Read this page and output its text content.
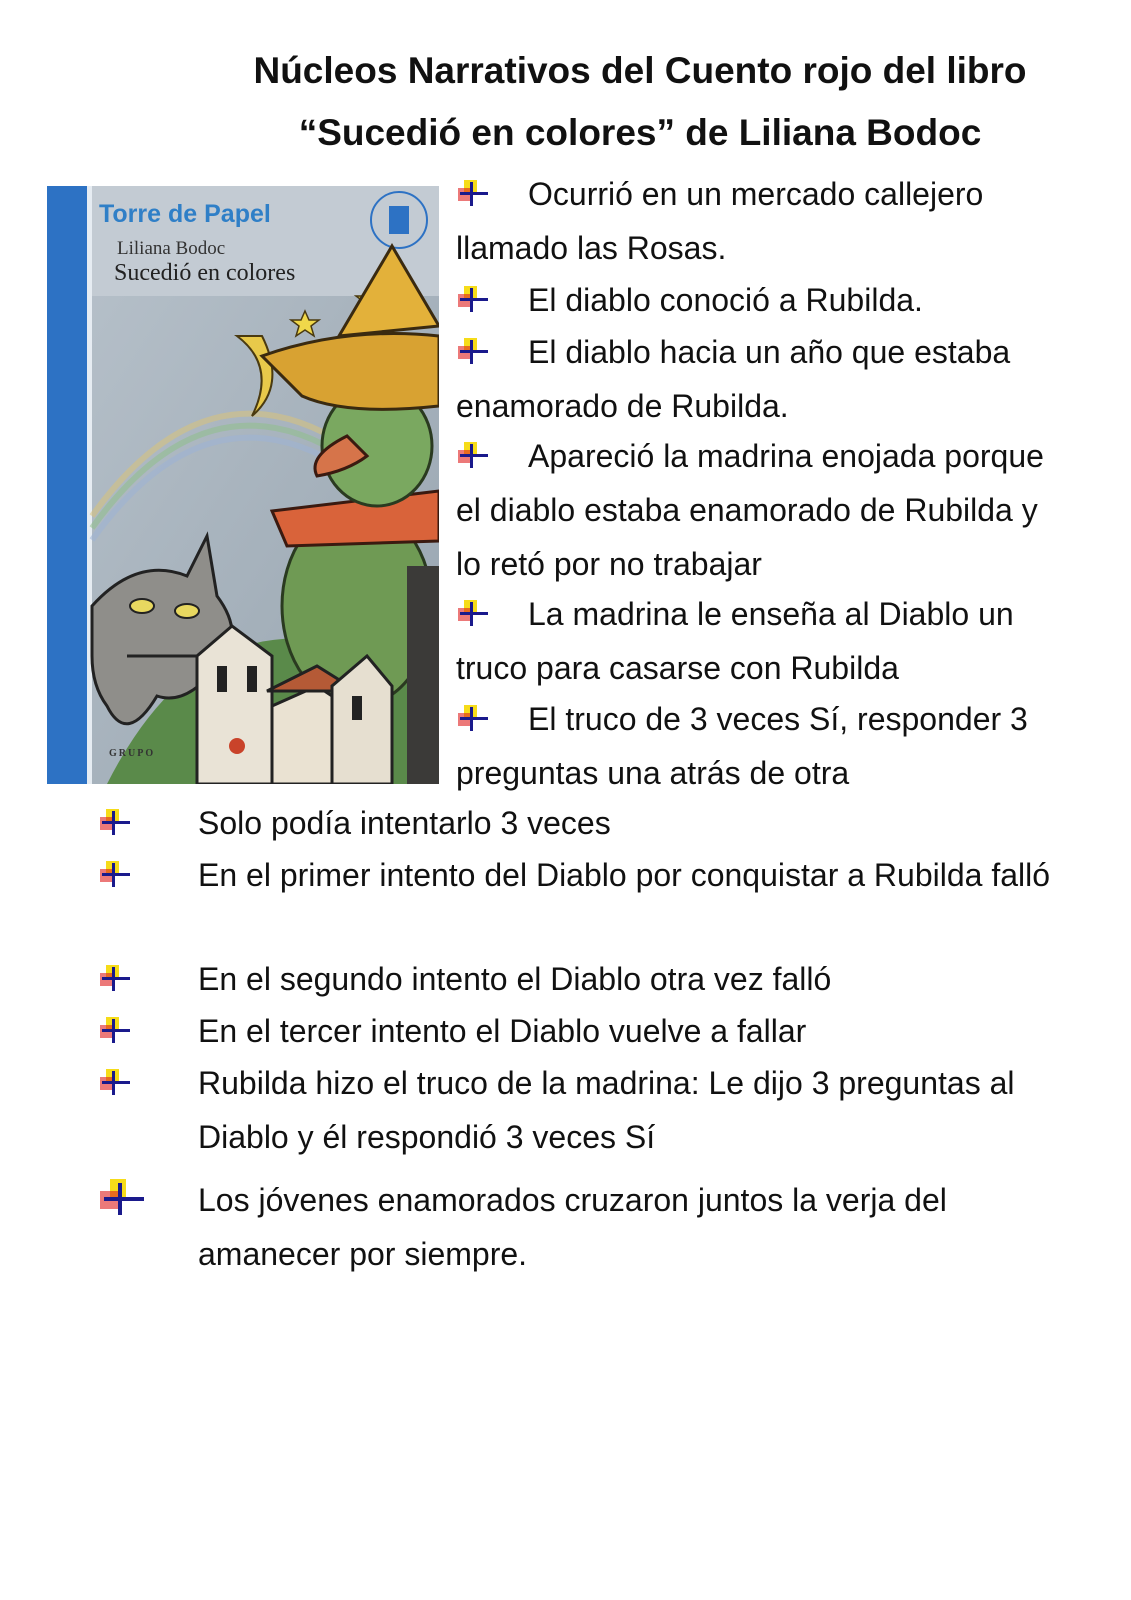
Núcleos Narrativos del Cuento rojo del libro
“Sucedió en colores” de Liliana Bodoc
Torre de Papel
Liliana Bodoc
Sucedió en colores
GRUPO

Ocurrió en un mercado callejero llamado las Rosas.

El diablo conoció a Rubilda.

El diablo hacia un año que estaba enamorado de Rubilda.

Apareció la madrina enojada porque el diablo estaba enamorado de Rubilda y lo retó por no trabajar

La madrina le enseña al Diablo un truco para casarse con Rubilda

El truco de 3 veces Sí, responder 3 preguntas una atrás de otra

Solo podía intentarlo 3 veces

En el primer intento del Diablo por conquistar a Rubilda falló

En el segundo intento el Diablo otra vez falló

En el tercer intento el Diablo vuelve a fallar

Rubilda hizo el truco de la madrina: Le dijo 3 preguntas al Diablo y él respondió 3 veces Sí

Los jóvenes enamorados cruzaron juntos la verja del amanecer por siempre.
